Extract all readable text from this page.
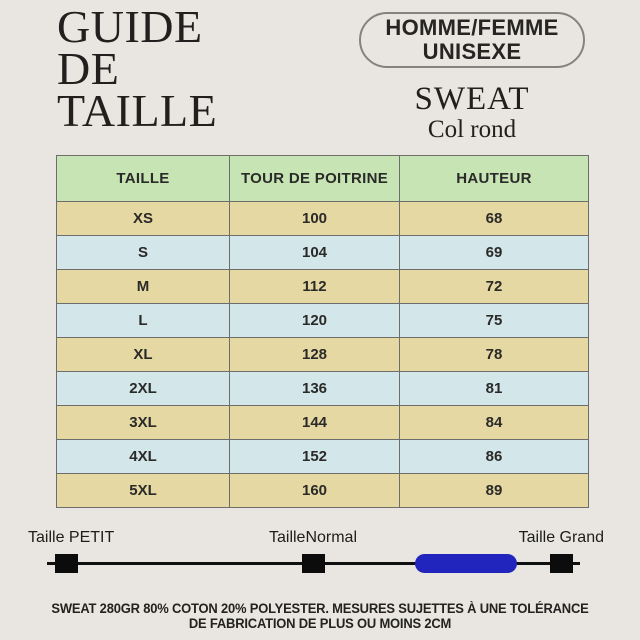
GUIDE
DE
TAILLE
HOMME/FEMME
UNISEXE
SWEAT
Col rond
TAILLE	TOUR DE POITRINE	HAUTEUR
XS	100	68
S	104	69
M	112	72
L	120	75
XL	128	78
2XL	136	81
3XL	144	84
4XL	152	86
5XL	160	89
Taille PETIT	TailleNormal	Taille Grand
SWEAT 280GR 80% COTON 20% POLYESTER. MESURES SUJETTES À UNE TOLÉRANCE
DE FABRICATION DE PLUS OU MOINS 2CM
